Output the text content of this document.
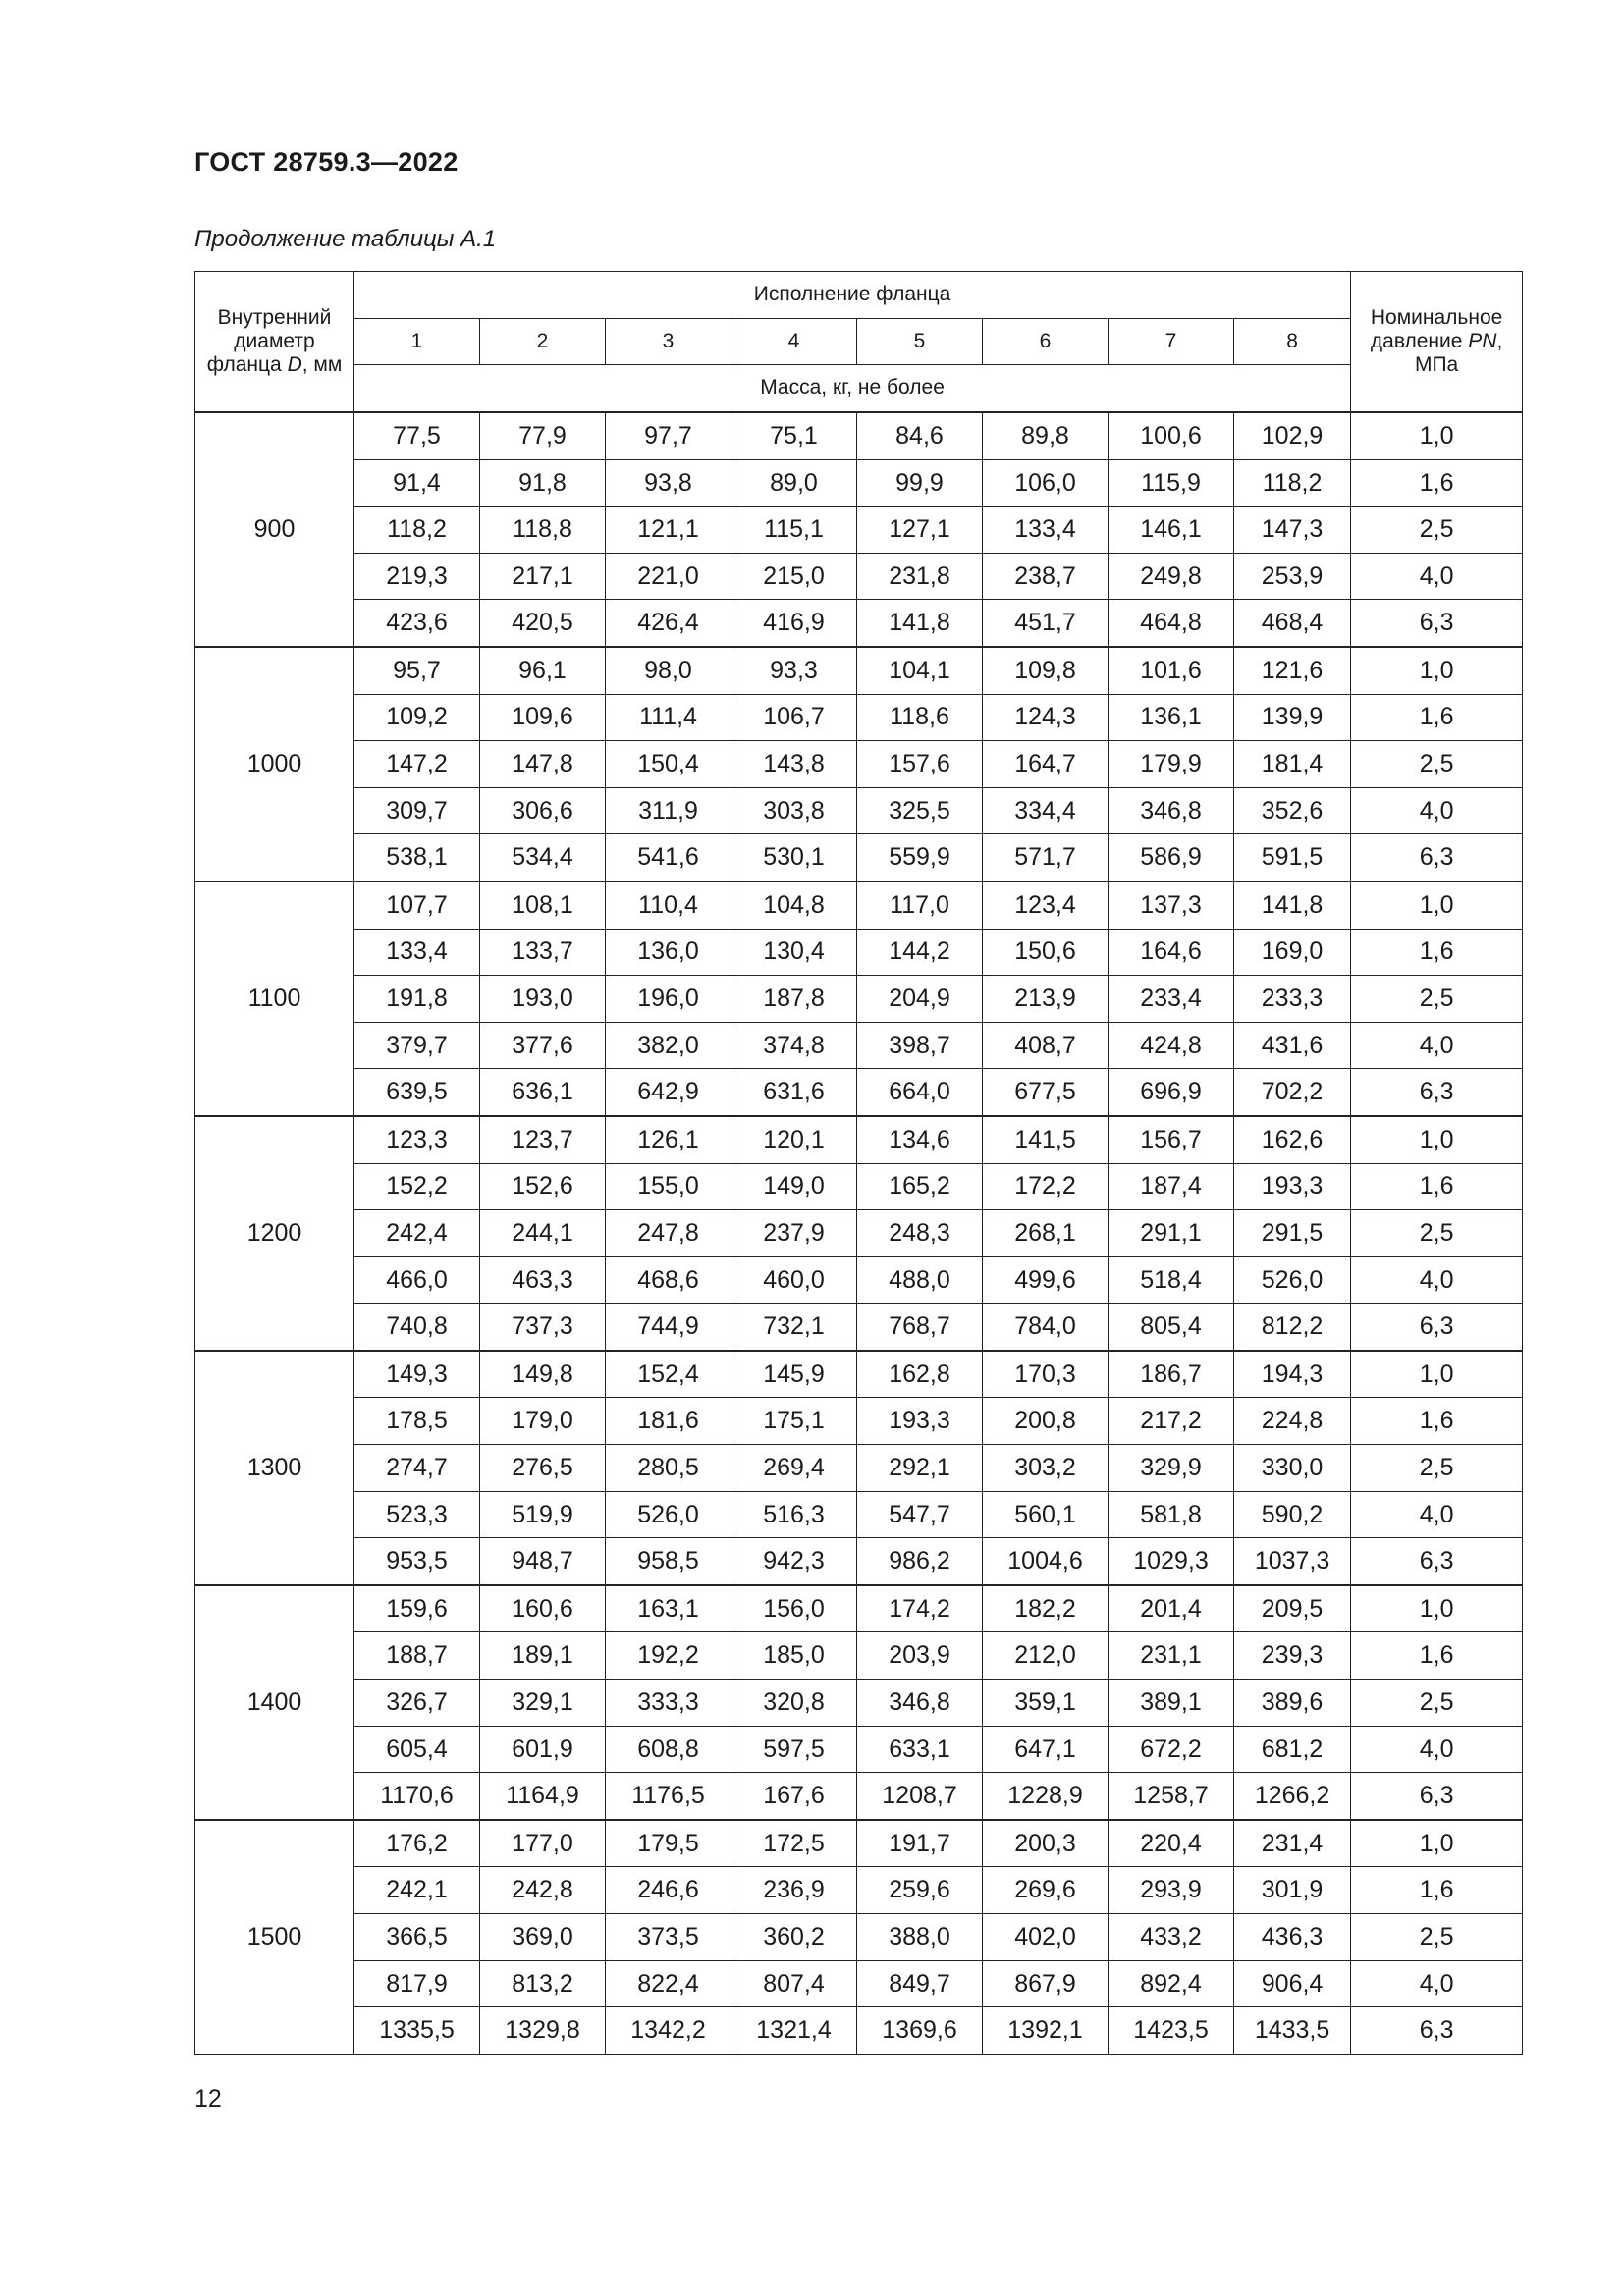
ГОСТ 28759.3—2022
Продолжение таблицы А.1
Внутренний диаметр фланца D, мм	Исполнение фланца								Номинальное давление PN, МПа
	1	2	3	4	5	6	7	8	
	Масса, кг, не более								
900	77,5	77,9	97,7	75,1	84,6	89,8	100,6	102,9	1,0
	91,4	91,8	93,8	89,0	99,9	106,0	115,9	118,2	1,6
	118,2	118,8	121,1	115,1	127,1	133,4	146,1	147,3	2,5
	219,3	217,1	221,0	215,0	231,8	238,7	249,8	253,9	4,0
	423,6	420,5	426,4	416,9	141,8	451,7	464,8	468,4	6,3
1000	95,7	96,1	98,0	93,3	104,1	109,8	101,6	121,6	1,0
	109,2	109,6	111,4	106,7	118,6	124,3	136,1	139,9	1,6
	147,2	147,8	150,4	143,8	157,6	164,7	179,9	181,4	2,5
	309,7	306,6	311,9	303,8	325,5	334,4	346,8	352,6	4,0
	538,1	534,4	541,6	530,1	559,9	571,7	586,9	591,5	6,3
1100	107,7	108,1	110,4	104,8	117,0	123,4	137,3	141,8	1,0
	133,4	133,7	136,0	130,4	144,2	150,6	164,6	169,0	1,6
	191,8	193,0	196,0	187,8	204,9	213,9	233,4	233,3	2,5
	379,7	377,6	382,0	374,8	398,7	408,7	424,8	431,6	4,0
	639,5	636,1	642,9	631,6	664,0	677,5	696,9	702,2	6,3
1200	123,3	123,7	126,1	120,1	134,6	141,5	156,7	162,6	1,0
	152,2	152,6	155,0	149,0	165,2	172,2	187,4	193,3	1,6
	242,4	244,1	247,8	237,9	248,3	268,1	291,1	291,5	2,5
	466,0	463,3	468,6	460,0	488,0	499,6	518,4	526,0	4,0
	740,8	737,3	744,9	732,1	768,7	784,0	805,4	812,2	6,3
1300	149,3	149,8	152,4	145,9	162,8	170,3	186,7	194,3	1,0
	178,5	179,0	181,6	175,1	193,3	200,8	217,2	224,8	1,6
	274,7	276,5	280,5	269,4	292,1	303,2	329,9	330,0	2,5
	523,3	519,9	526,0	516,3	547,7	560,1	581,8	590,2	4,0
	953,5	948,7	958,5	942,3	986,2	1004,6	1029,3	1037,3	6,3
1400	159,6	160,6	163,1	156,0	174,2	182,2	201,4	209,5	1,0
	188,7	189,1	192,2	185,0	203,9	212,0	231,1	239,3	1,6
	326,7	329,1	333,3	320,8	346,8	359,1	389,1	389,6	2,5
	605,4	601,9	608,8	597,5	633,1	647,1	672,2	681,2	4,0
	1170,6	1164,9	1176,5	167,6	1208,7	1228,9	1258,7	1266,2	6,3
1500	176,2	177,0	179,5	172,5	191,7	200,3	220,4	231,4	1,0
	242,1	242,8	246,6	236,9	259,6	269,6	293,9	301,9	1,6
	366,5	369,0	373,5	360,2	388,0	402,0	433,2	436,3	2,5
	817,9	813,2	822,4	807,4	849,7	867,9	892,4	906,4	4,0
	1335,5	1329,8	1342,2	1321,4	1369,6	1392,1	1423,5	1433,5	6,3
12
